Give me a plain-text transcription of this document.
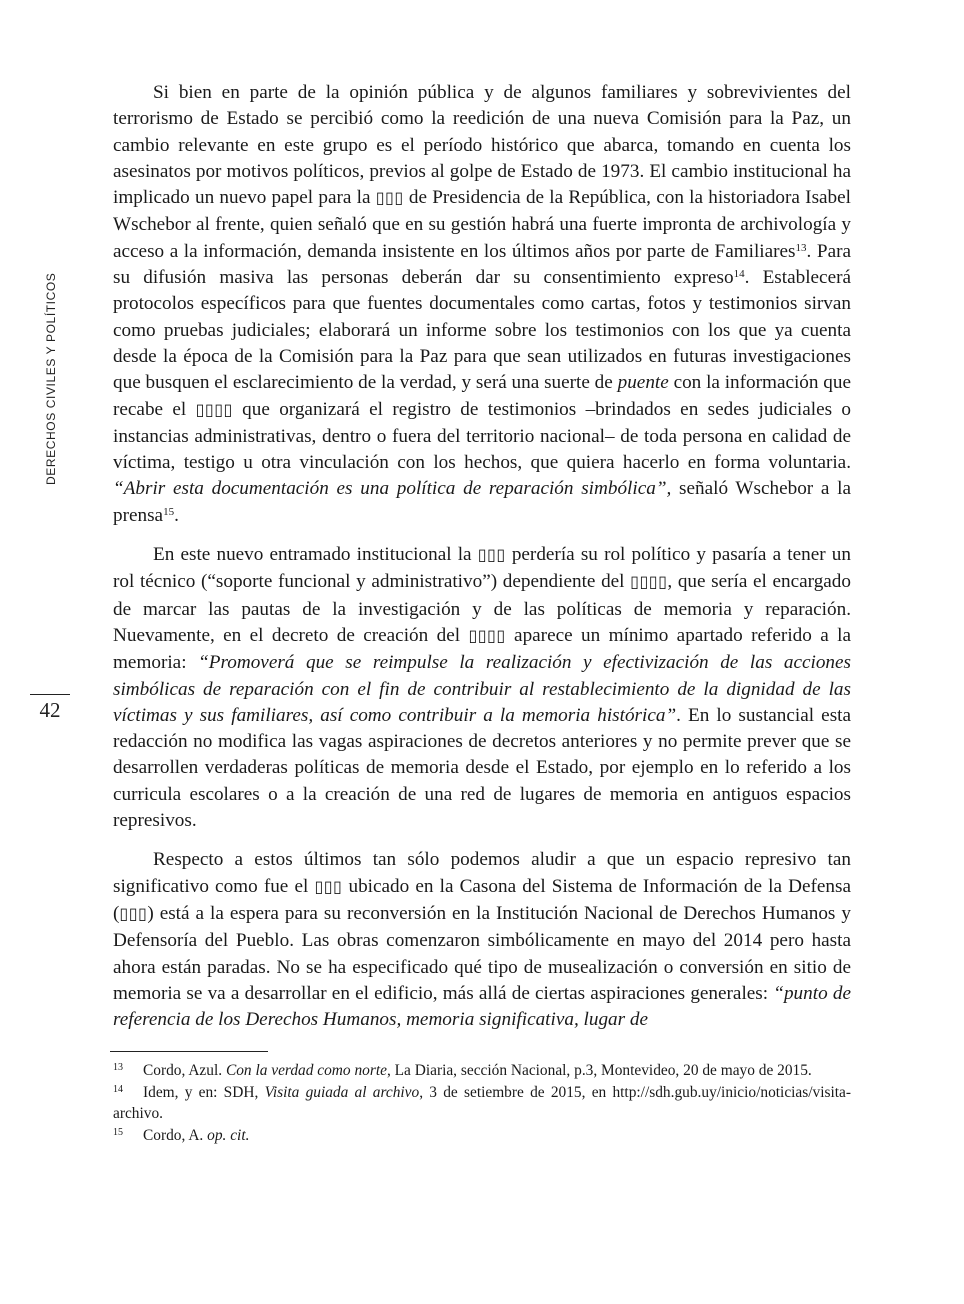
DERECHOS CIVILES Y POLÍTICOS
42

Si bien en parte de la opinión pública y de algunos familiares y sobrevivientes del terrorismo de Estado se percibió como la reedición de una nueva Comisión para la Paz, un cambio relevante en este grupo es el período histórico que abarca, tomando en cuenta los asesinatos por motivos políticos, previos al golpe de Estado de 1973. El cambio institucional ha implicado un nuevo papel para la ▯▯▯ de Presidencia de la República, con la historiadora Isabel Wschebor al frente, quien señaló que en su gestión habrá una fuerte impronta de archivología y acceso a la información, demanda insistente en los últimos años por parte de Familiares$^{13}$. Para su difusión masiva las personas deberán dar su consentimiento expreso$^{14}$. Establecerá protocolos específicos para que fuentes documentales como cartas, fotos y testimonios sirvan como pruebas judiciales; elaborará un informe sobre los testimonios con los que ya cuenta desde la época de la Comisión para la Paz para que sean utilizados en futuras investigaciones que busquen el esclarecimiento de la verdad, y será una suerte de puente con la información que recabe el ▯▯▯▯ que organizará el registro de testimonios –brindados en sedes judiciales o instancias administrativas, dentro o fuera del territorio nacional– de toda persona en calidad de víctima, testigo u otra vinculación con los hechos, que quiera hacerlo en forma voluntaria. “Abrir esta documentación es una política de reparación simbólica”, señaló Wschebor a la prensa$^{15}$.

En este nuevo entramado institucional la ▯▯▯ perdería su rol político y pasaría a tener un rol técnico (“soporte funcional y administrativo”) dependiente del ▯▯▯▯, que sería el encargado de marcar las pautas de la investigación y de las políticas de memoria y reparación. Nuevamente, en el decreto de creación del ▯▯▯▯ aparece un mínimo apartado referido a la memoria: “Promoverá que se reimpulse la realización y efectivización de las acciones simbólicas de reparación con el fin de contribuir al restablecimiento de la dignidad de las víctimas y sus familiares, así como contribuir a la memoria histórica”. En lo sustancial esta redacción no modifica las vagas aspiraciones de decretos anteriores y no permite prever que se desarrollen verdaderas políticas de memoria desde el Estado, por ejemplo en lo referido a los curricula escolares o a la creación de una red de lugares de memoria en antiguos espacios represivos.

Respecto a estos últimos tan sólo podemos aludir a que un espacio represivo tan significativo como fue el ▯▯▯ ubicado en la Casona del Sistema de Información de la Defensa (▯▯▯) está a la espera para su reconversión en la Institución Nacional de Derechos Humanos y Defensoría del Pueblo. Las obras comenzaron simbólicamente en mayo del 2014 pero hasta ahora están paradas. No se ha especificado qué tipo de musealización o conversión en sitio de memoria se va a desarrollar en el edificio, más allá de ciertas aspiraciones generales: “punto de referencia de los Derechos Humanos, memoria significativa, lugar de

13 Cordo, Azul. Con la verdad como norte, La Diaria, sección Nacional, p.3, Montevideo, 20 de mayo de 2015.

14 Idem, y en: SDH, Visita guiada al archivo, 3 de setiembre de 2015, en http://sdh.gub.uy/inicio/noticias/visita-archivo.

15 Cordo, A. op. cit.
